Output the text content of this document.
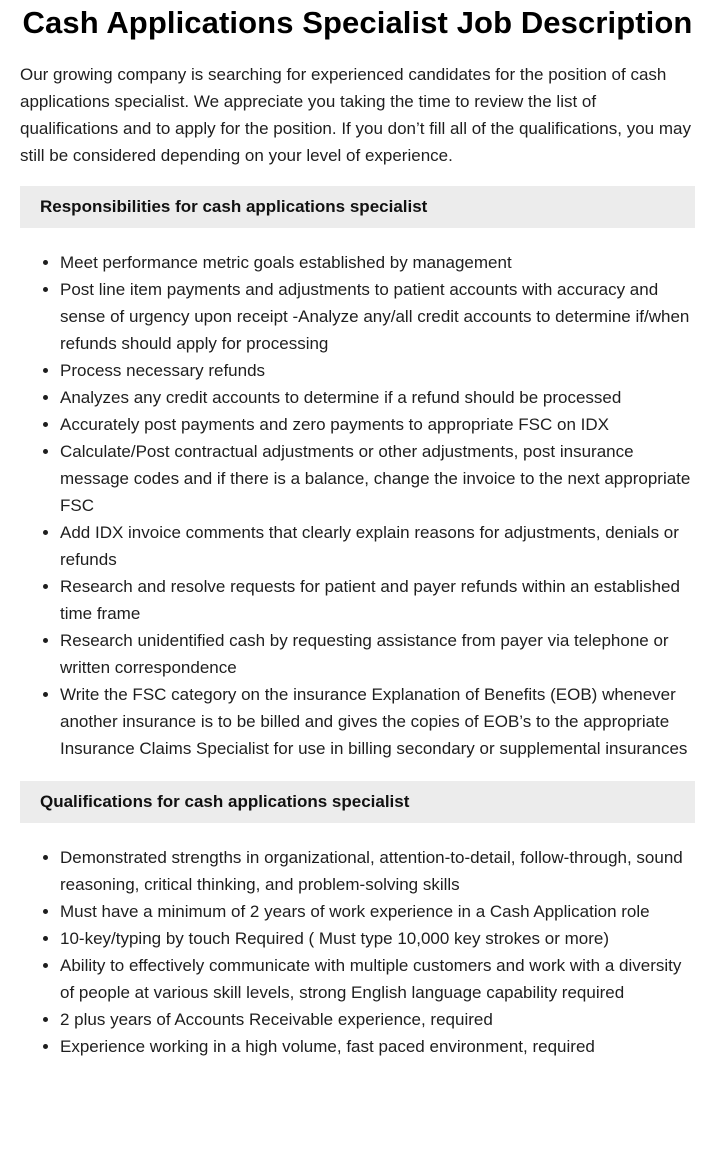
Cash Applications Specialist Job Description

Our growing company is searching for experienced candidates for the position of cash applications specialist. We appreciate you taking the time to review the list of qualifications and to apply for the position. If you don’t fill all of the qualifications, you may still be considered depending on your level of experience.

Responsibilities for cash applications specialist
• Meet performance metric goals established by management
• Post line item payments and adjustments to patient accounts with accuracy and sense of urgency upon receipt -Analyze any/all credit accounts to determine if/when refunds should apply for processing
• Process necessary refunds
• Analyzes any credit accounts to determine if a refund should be processed
• Accurately post payments and zero payments to appropriate FSC on IDX
• Calculate/Post contractual adjustments or other adjustments, post insurance message codes and if there is a balance, change the invoice to the next appropriate FSC
• Add IDX invoice comments that clearly explain reasons for adjustments, denials or refunds
• Research and resolve requests for patient and payer refunds within an established time frame
• Research unidentified cash by requesting assistance from payer via telephone or written correspondence
• Write the FSC category on the insurance Explanation of Benefits (EOB) whenever another insurance is to be billed and gives the copies of EOB’s to the appropriate Insurance Claims Specialist for use in billing secondary or supplemental insurances
Qualifications for cash applications specialist
• Demonstrated strengths in organizational, attention-to-detail, follow-through, sound reasoning, critical thinking, and problem-solving skills
• Must have a minimum of 2 years of work experience in a Cash Application role
• 10-key/typing by touch Required ( Must type 10,000 key strokes or more)
• Ability to effectively communicate with multiple customers and work with a diversity of people at various skill levels, strong English language capability required
• 2 plus years of Accounts Receivable experience, required
• Experience working in a high volume, fast paced environment, required
